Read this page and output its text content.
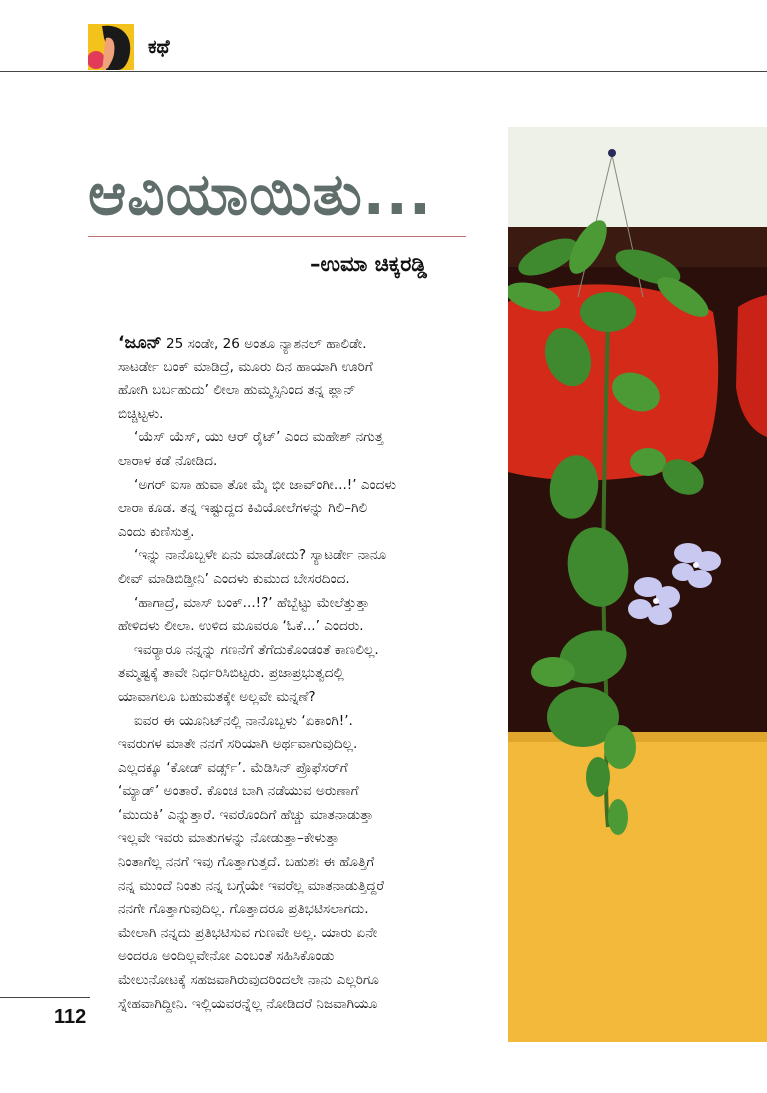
ಕಥೆ
ಆವಿಯಾಯಿತು...
–ಉಮಾ ಚಿಕ್ಕರಡ್ಡಿ
‘ಜೂನ್ 25 ಸಂಡೇ, 26 ಅಂತೂ ನ್ಯಾಶನಲ್ ಹಾಲಿಡೇ.
ಸಾಟರ್ಡೇ ಬಂಕ್ ಮಾಡಿದ್ರೆ, ಮೂರು ದಿನ ಹಾಯಾಗಿ ಊರಿಗೆ
ಹೋಗಿ ಬರ್ಬಹುದು’ ಲೀಲಾ ಹುಮ್ಮಸ್ಸಿನಿಂದ ತನ್ನ ಪ್ಲಾನ್
ಬಿಚ್ಚಿಟ್ಟಳು.
‘ಯೆಸ್ ಯೆಸ್, ಯು ಆರ್ ರೈಟ್’ ಎಂದ ಮಹೇಶ್ ನಗುತ್ತ
ಲಾರಾಳ ಕಡೆ ನೋಡಿದ.
‘ಅಗರ್ ಐಸಾ ಹುವಾ ತೋ ಮೈ ಭೀ ಜಾವ್ಂಗೀ...!’ ಎಂದಳು
ಲಾರಾ ಕೂಡ. ತನ್ನ ಇಷ್ಟುದ್ದದ ಕಿವಿಯೋಲೆಗಳನ್ನು ಗಿಲಿ–ಗಿಲಿ
ಎಂದು ಕುಣಿಸುತ್ತ.
‘ಇನ್ನು ನಾನೊಬ್ಬಳೇ ಏನು ಮಾಡೋದು? ಸ್ಯಾಟರ್ಡೇ ನಾನೂ
ಲೀವ್ ಮಾಡಿಬಿಡ್ತೀನಿ’ ಎಂದಳು ಕುಮುದ ಬೇಸರದಿಂದ.
‘ಹಾಗಾದ್ರೆ, ಮಾಸ್ ಬಂಕ್...!?’ ಹೆಬ್ಬೆಟ್ಟು ಮೇಲೆತ್ತುತ್ತಾ
ಹೇಳಿದಳು ಲೀಲಾ. ಉಳಿದ ಮೂವರೂ ‘ಓಕೆ...’ ಎಂದರು.
ಇವರ್‍ಯಾರೂ ನನ್ನನ್ನು ಗಣನೆಗೆ ತೆಗೆದುಕೊಂಡಂತೆ ಕಾಣಲಿಲ್ಲ.
ತಮ್ಮಷ್ಟಕ್ಕೆ ತಾವೇ ನಿರ್ಧರಿಸಿಬಿಟ್ಟರು. ಪ್ರಜಾಪ್ರಭುತ್ವದಲ್ಲಿ
ಯಾವಾಗಲೂ ಬಹುಮತಕ್ಕೇ ಅಲ್ಲವೇ ಮನ್ನಣೆ?
ಐವರ ಈ ಯೂನಿಟ್‌ನಲ್ಲಿ ನಾನೊಬ್ಬಳು ‘ಏಕಾಂಗಿ!’.
ಇವರುಗಳ ಮಾತೇ ನನಗೆ ಸರಿಯಾಗಿ ಅರ್ಥವಾಗುವುದಿಲ್ಲ.
ಎಲ್ಲದಕ್ಕೂ ‘ಕೋಡ್ ವರ್ಡ್ಸ್’. ಮೆಡಿಸಿನ್ ಪ್ರೊಫೆಸರ್‌ಗೆ
‘ಮ್ಯಾಡ್’ ಅಂತಾರೆ. ಕೊಂಚ ಬಾಗಿ ನಡೆಯುವ ಅರುಣಾಗೆ
‘ಮುದುಕಿ’ ಎನ್ನುತ್ತಾರೆ. ಇವರೊಂದಿಗೆ ಹೆಚ್ಚು ಮಾತನಾಡುತ್ತಾ
ಇಲ್ಲವೇ ಇವರು ಮಾತುಗಳನ್ನು ನೋಡುತ್ತಾ–ಕೇಳುತ್ತಾ
ನಿಂತಾಗೆಲ್ಲ ನನಗೆ ಇವು ಗೊತ್ತಾಗುತ್ತದೆ. ಬಹುಶಃ ಈ ಹೊತ್ತಿಗೆ
ನನ್ನ ಮುಂದೆ ನಿಂತು ನನ್ನ ಬಗ್ಗೆಯೇ ಇವರೆಲ್ಲ ಮಾತನಾಡುತ್ತಿದ್ದರೆ
ನನಗೇ ಗೊತ್ತಾಗುವುದಿಲ್ಲ. ಗೊತ್ತಾದರೂ ಪ್ರತಿಭಟಿಸಲಾಗದು.
ಮೇಲಾಗಿ ನನ್ನದು ಪ್ರತಿಭಟಿಸುವ ಗುಣವೇ ಅಲ್ಲ. ಯಾರು ಏನೇ
ಅಂದರೂ ಅಂದಿಲ್ಲವೇನೋ ಎಂಬಂತೆ ಸಹಿಸಿಕೊಂಡು
ಮೇಲುನೋಟಕ್ಕೆ ಸಹಜವಾಗಿರುವುದರಿಂದಲೇ ನಾನು ಎಲ್ಲರಿಗೂ
ಸ್ನೇಹವಾಗಿದ್ದೀನಿ. ಇಲ್ಲಿಯವರನ್ನೆಲ್ಲ ನೋಡಿದರೆ ನಿಜವಾಗಿಯೂ
112
